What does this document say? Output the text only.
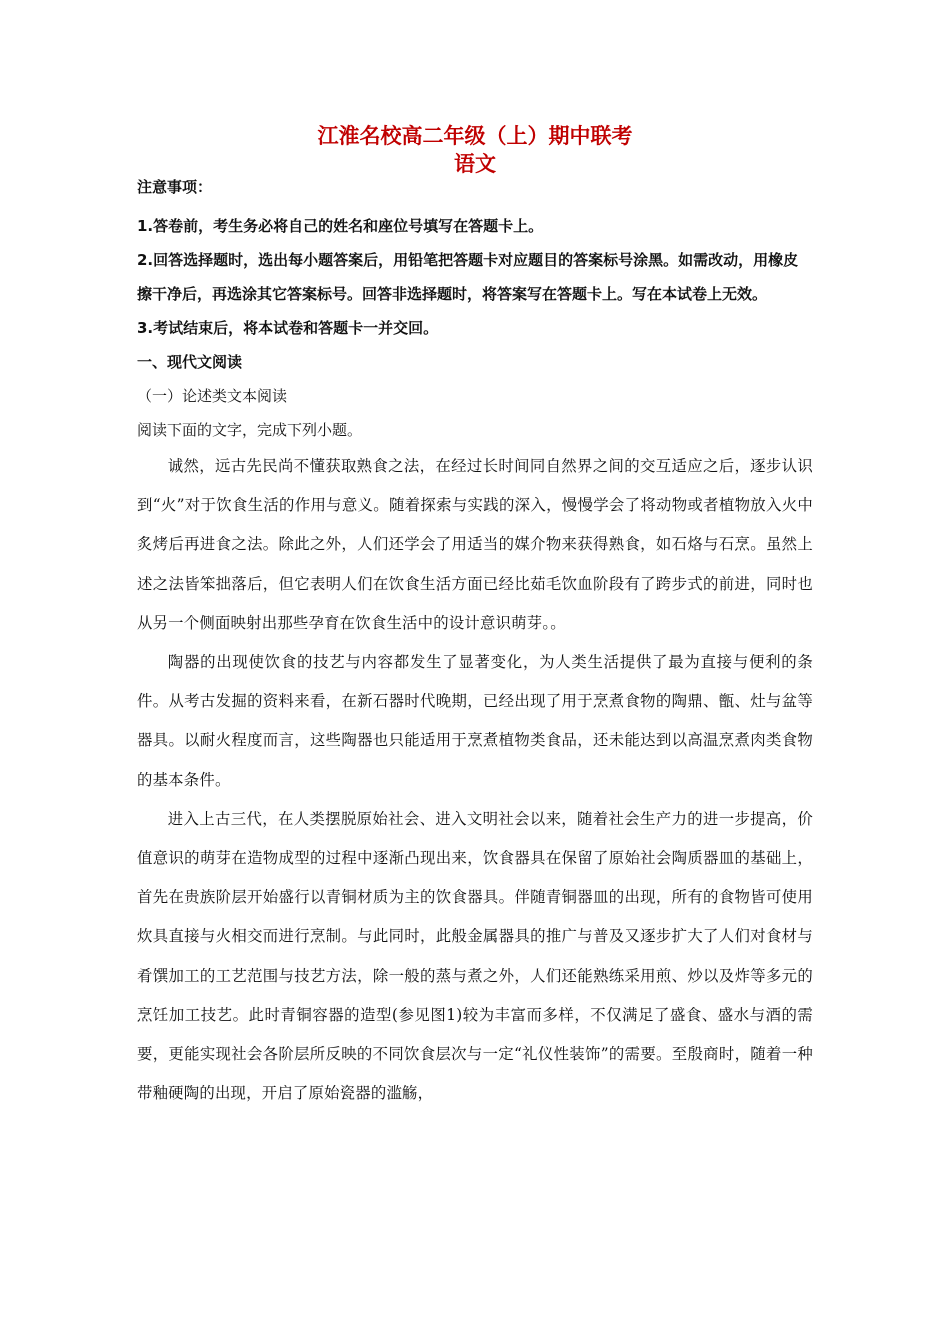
江淮名校高二年级（上）期中联考
语文
注意事项：

1.答卷前，考生务必将自己的姓名和座位号填写在答题卡上。

2.回答选择题时，选出每小题答案后，用铅笔把答题卡对应题目的答案标号涂黑。如需改动，用橡皮擦干净后，再选涂其它答案标号。回答非选择题时，将答案写在答题卡上。写在本试卷上无效。

3.考试结束后，将本试卷和答题卡一并交回。

一、现代文阅读

（一）论述类文本阅读

阅读下面的文字，完成下列小题。

诚然，远古先民尚不懂获取熟食之法，在经过长时间同自然界之间的交互适应之后，逐步认识到“火”对于饮食生活的作用与意义。随着探索与实践的深入，慢慢学会了将动物或者植物放入火中炙烤后再进食之法。除此之外，人们还学会了用适当的媒介物来获得熟食，如石烙与石烹。虽然上述之法皆笨拙落后，但它表明人们在饮食生活方面已经比茹毛饮血阶段有了跨步式的前进，同时也从另一个侧面映射出那些孕育在饮食生活中的设计意识萌芽。。

陶器的出现使饮食的技艺与内容都发生了显著变化，为人类生活提供了最为直接与便利的条件。从考古发掘的资料来看，在新石器时代晚期，已经出现了用于烹煮食物的陶鼎、甑、灶与盆等器具。以耐火程度而言，这些陶器也只能适用于烹煮植物类食品，还未能达到以高温烹煮肉类食物的基本条件。

进入上古三代，在人类摆脱原始社会、进入文明社会以来，随着社会生产力的进一步提高，价值意识的萌芽在造物成型的过程中逐渐凸现出来，饮食器具在保留了原始社会陶质器皿的基础上，首先在贵族阶层开始盛行以青铜材质为主的饮食器具。伴随青铜器皿的出现，所有的食物皆可使用炊具直接与火相交而进行烹制。与此同时，此般金属器具的推广与普及又逐步扩大了人们对食材与肴馔加工的工艺范围与技艺方法，除一般的蒸与煮之外，人们还能熟练采用煎、炒以及炸等多元的烹饪加工技艺。此时青铜容器的造型(参见图1)较为丰富而多样，不仅满足了盛食、盛水与酒的需要，更能实现社会各阶层所反映的不同饮食层次与一定“礼仪性装饰”的需要。至殷商时，随着一种带釉硬陶的出现，开启了原始瓷器的滥觞，
